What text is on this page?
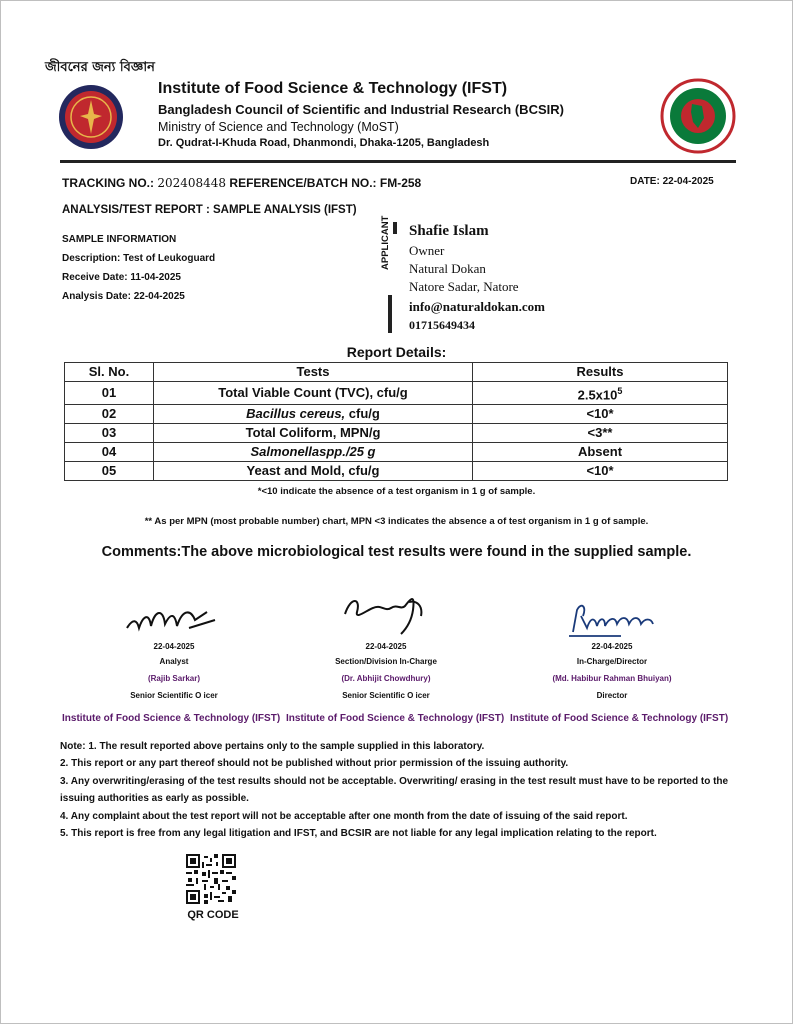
জীবনের জন্য বিজ্ঞান
Institute of Food Science & Technology (IFST)
Bangladesh Council of Scientific and Industrial Research (BCSIR)
Ministry of Science and Technology (MoST)
Dr. Qudrat-I-Khuda Road, Dhanmondi, Dhaka-1205, Bangladesh
TRACKING NO.: 202408448 REFERENCE/BATCH NO.: FM-258	DATE: 22-04-2025
ANALYSIS/TEST REPORT : SAMPLE ANALYSIS (IFST)
SAMPLE INFORMATION
Description: Test of Leukoguard
Receive Date: 11-04-2025
Analysis Date: 22-04-2025
APPLICANT Shafie Islam
Owner
Natural Dokan
Natore Sadar, Natore
info@naturaldokan.com
01715649434
Report Details:
Sl. No.	Tests	Results
01	Total Viable Count (TVC), cfu/g	$2.5x10^5$
02	Bacillus cereus, cfu/g	<10*
03	Total Coliform, MPN/g	<3**
04	Salmonellaspp./25 g	Absent
05	Yeast and Mold, cfu/g	<10*
*<10 indicate the absence of a test organism in 1 g of sample.
** As per MPN (most probable number) chart, MPN <3 indicates the absence a of test organism in 1 g of sample.
Comments:The above microbiological test results were found in the supplied sample.
22-04-2025
Analyst
(Rajib Sarkar)
Senior Scientific O icer
22-04-2025
Section/Division In-Charge
(Dr. Abhijit Chowdhury)
Senior Scientific O icer
22-04-2025
In-Charge/Director
(Md. Habibur Rahman Bhuiyan)
Director
Institute of Food Science & Technology (IFST) Institute of Food Science & Technology (IFST) Institute of Food Science & Technology (IFST)
Note: 1. The result reported above pertains only to the sample supplied in this laboratory.
2. This report or any part thereof should not be published without prior permission of the issuing authority.
3. Any overwriting/erasing of the test results should not be acceptable. Overwriting/ erasing in the test result must have to be reported to the issuing authorities as early as possible.
4. Any complaint about the test report will not be acceptable after one month from the date of issuing of the said report.
5. This report is free from any legal litigation and IFST, and BCSIR are not liable for any legal implication relating to the report.
QR CODE
